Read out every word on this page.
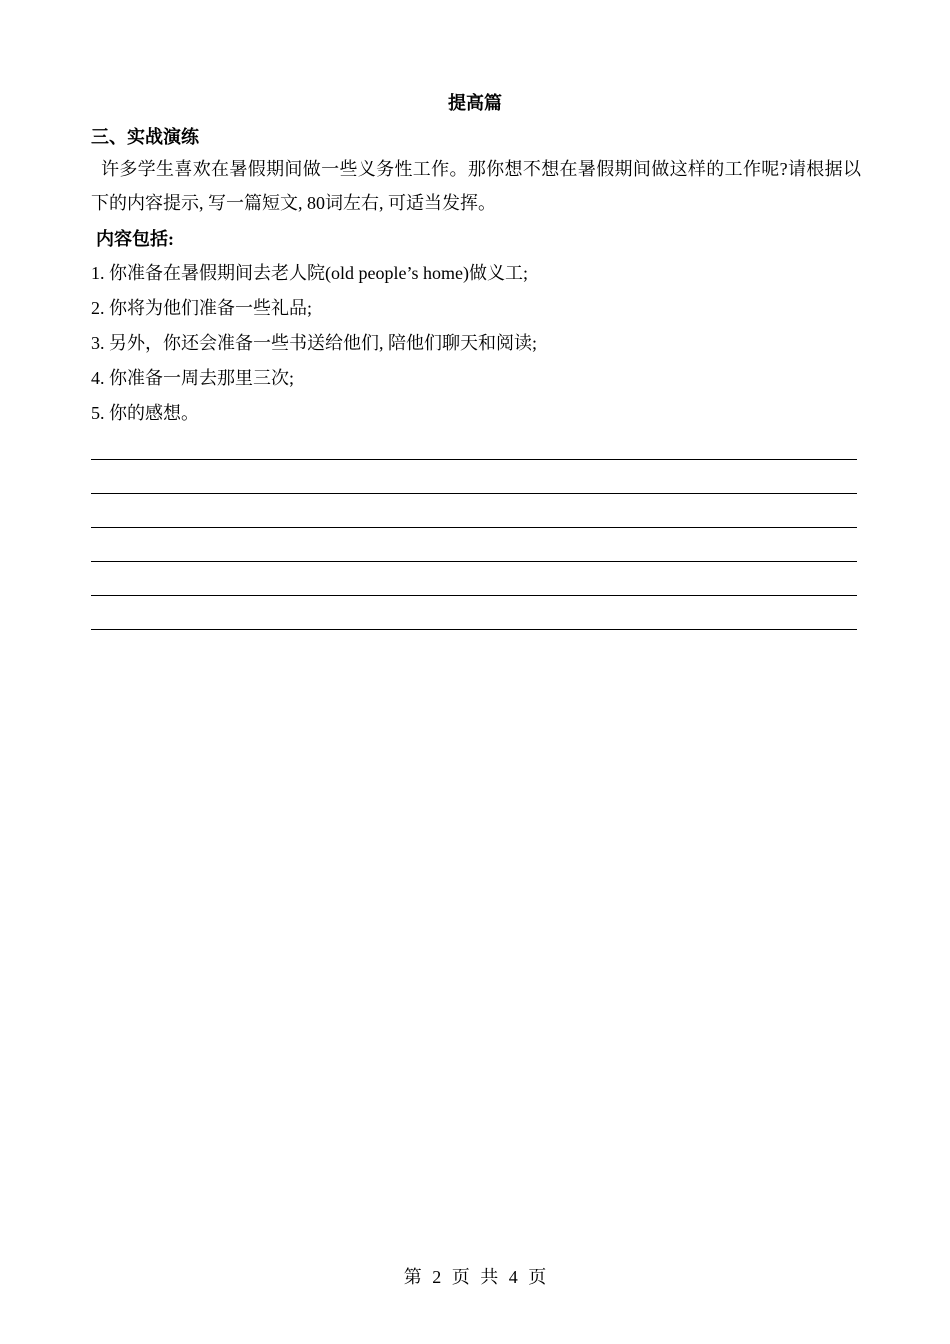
提高篇
三、实战演练
许多学生喜欢在暑假期间做一些义务性工作。那你想不想在暑假期间做这样的工作呢?请根据以下的内容提示, 写一篇短文, 80词左右, 可适当发挥。
内容包括:
1. 你准备在暑假期间去老人院(old people’s home)做义工;
2. 你将为他们准备一些礼品;
3. 另外，你还会准备一些书送给他们, 陪他们聊天和阅读;
4. 你准备一周去那里三次;
5. 你的感想。
第 2 页 共 4 页
